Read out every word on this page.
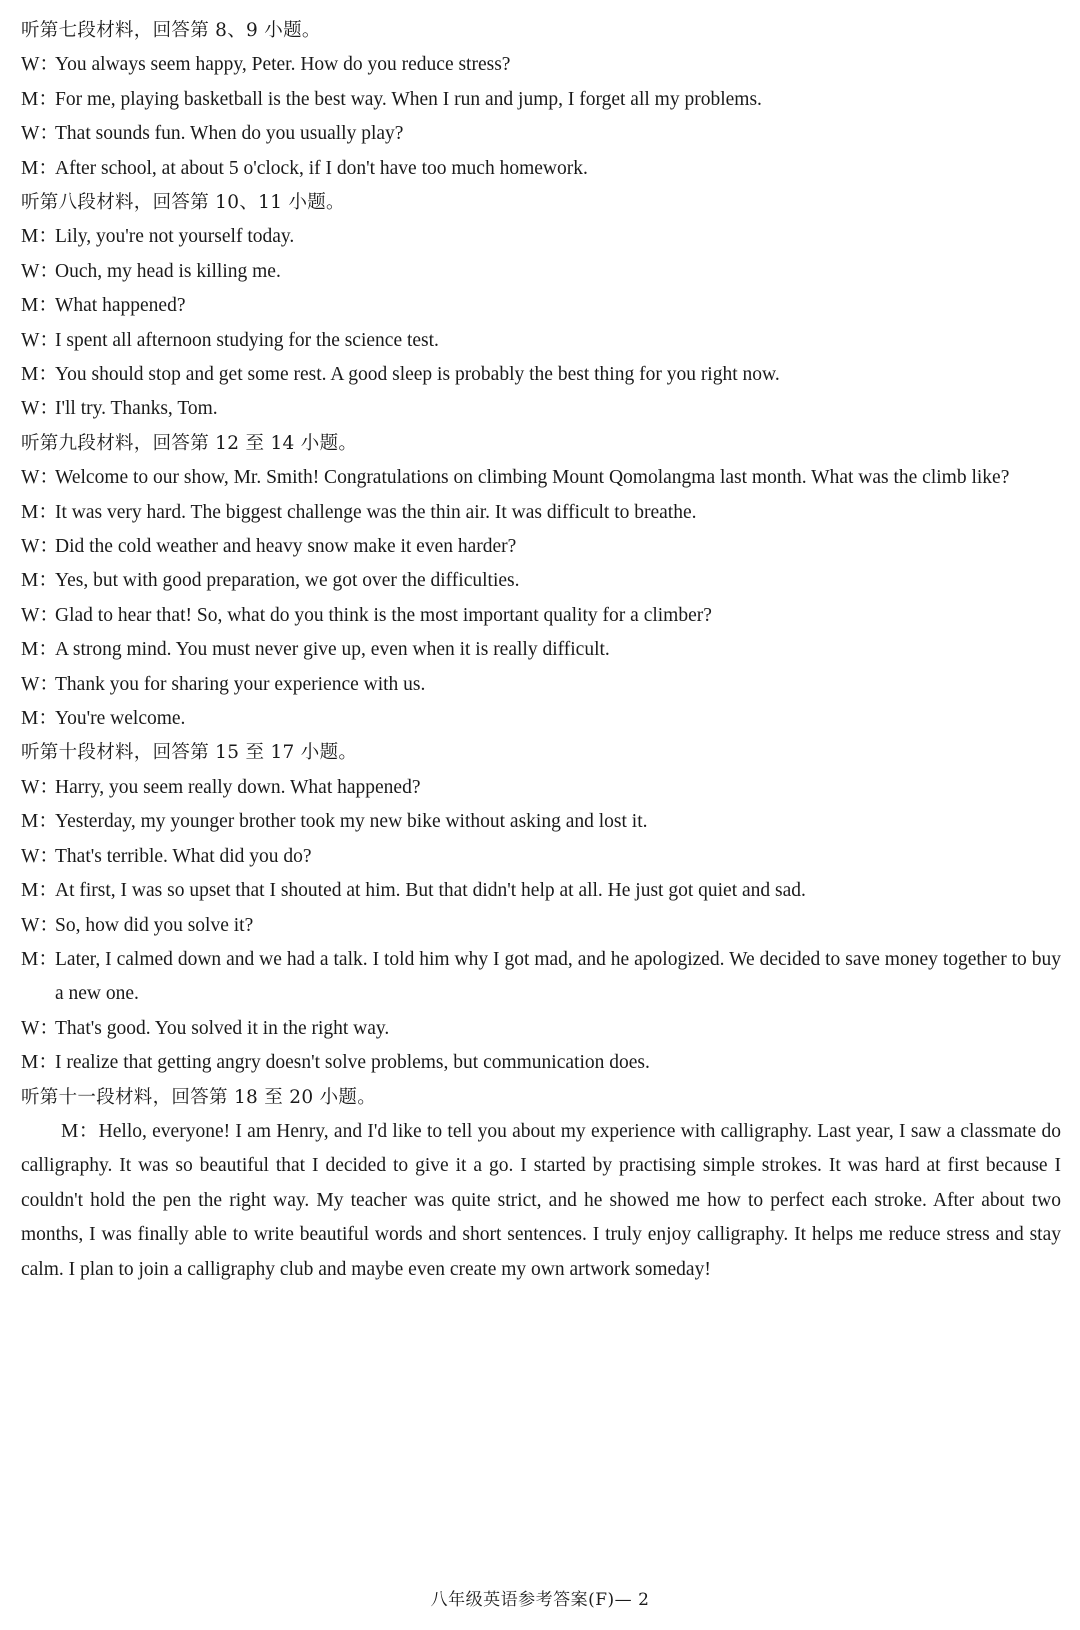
听第七段材料，回答第 8、9 小题。
W：You always seem happy, Peter. How do you reduce stress?
M：For me, playing basketball is the best way. When I run and jump, I forget all my problems.
W：That sounds fun. When do you usually play?
M：After school, at about 5 o'clock, if I don't have too much homework.
听第八段材料，回答第 10、11 小题。
M：Lily, you're not yourself today.
W：Ouch, my head is killing me.
M：What happened?
W：I spent all afternoon studying for the science test.
M：You should stop and get some rest. A good sleep is probably the best thing for you right now.
W：I'll try. Thanks, Tom.
听第九段材料，回答第 12 至 14 小题。
W：Welcome to our show, Mr. Smith! Congratulations on climbing Mount Qomolangma last month. What was the climb like?
M：It was very hard. The biggest challenge was the thin air. It was difficult to breathe.
W：Did the cold weather and heavy snow make it even harder?
M：Yes, but with good preparation, we got over the difficulties.
W：Glad to hear that! So, what do you think is the most important quality for a climber?
M：A strong mind. You must never give up, even when it is really difficult.
W：Thank you for sharing your experience with us.
M：You're welcome.
听第十段材料，回答第 15 至 17 小题。
W：Harry, you seem really down. What happened?
M：Yesterday, my younger brother took my new bike without asking and lost it.
W：That's terrible. What did you do?
M：At first, I was so upset that I shouted at him. But that didn't help at all. He just got quiet and sad.
W：So, how did you solve it?
M：Later, I calmed down and we had a talk. I told him why I got mad, and he apologized. We decided to save money together to buy a new one.
W：That's good. You solved it in the right way.
M：I realize that getting angry doesn't solve problems, but communication does.
听第十一段材料，回答第 18 至 20 小题。

M：Hello, everyone! I am Henry, and I'd like to tell you about my experience with calligraphy. Last year, I saw a classmate do calligraphy. It was so beautiful that I decided to give it a go. I started by practising simple strokes. It was hard at first because I couldn't hold the pen the right way. My teacher was quite strict, and he showed me how to perfect each stroke. After about two months, I was finally able to write beautiful words and short sentences. I truly enjoy calligraphy. It helps me reduce stress and stay calm. I plan to join a calligraphy club and maybe even create my own artwork someday!

八年级英语参考答案(F)— 2
